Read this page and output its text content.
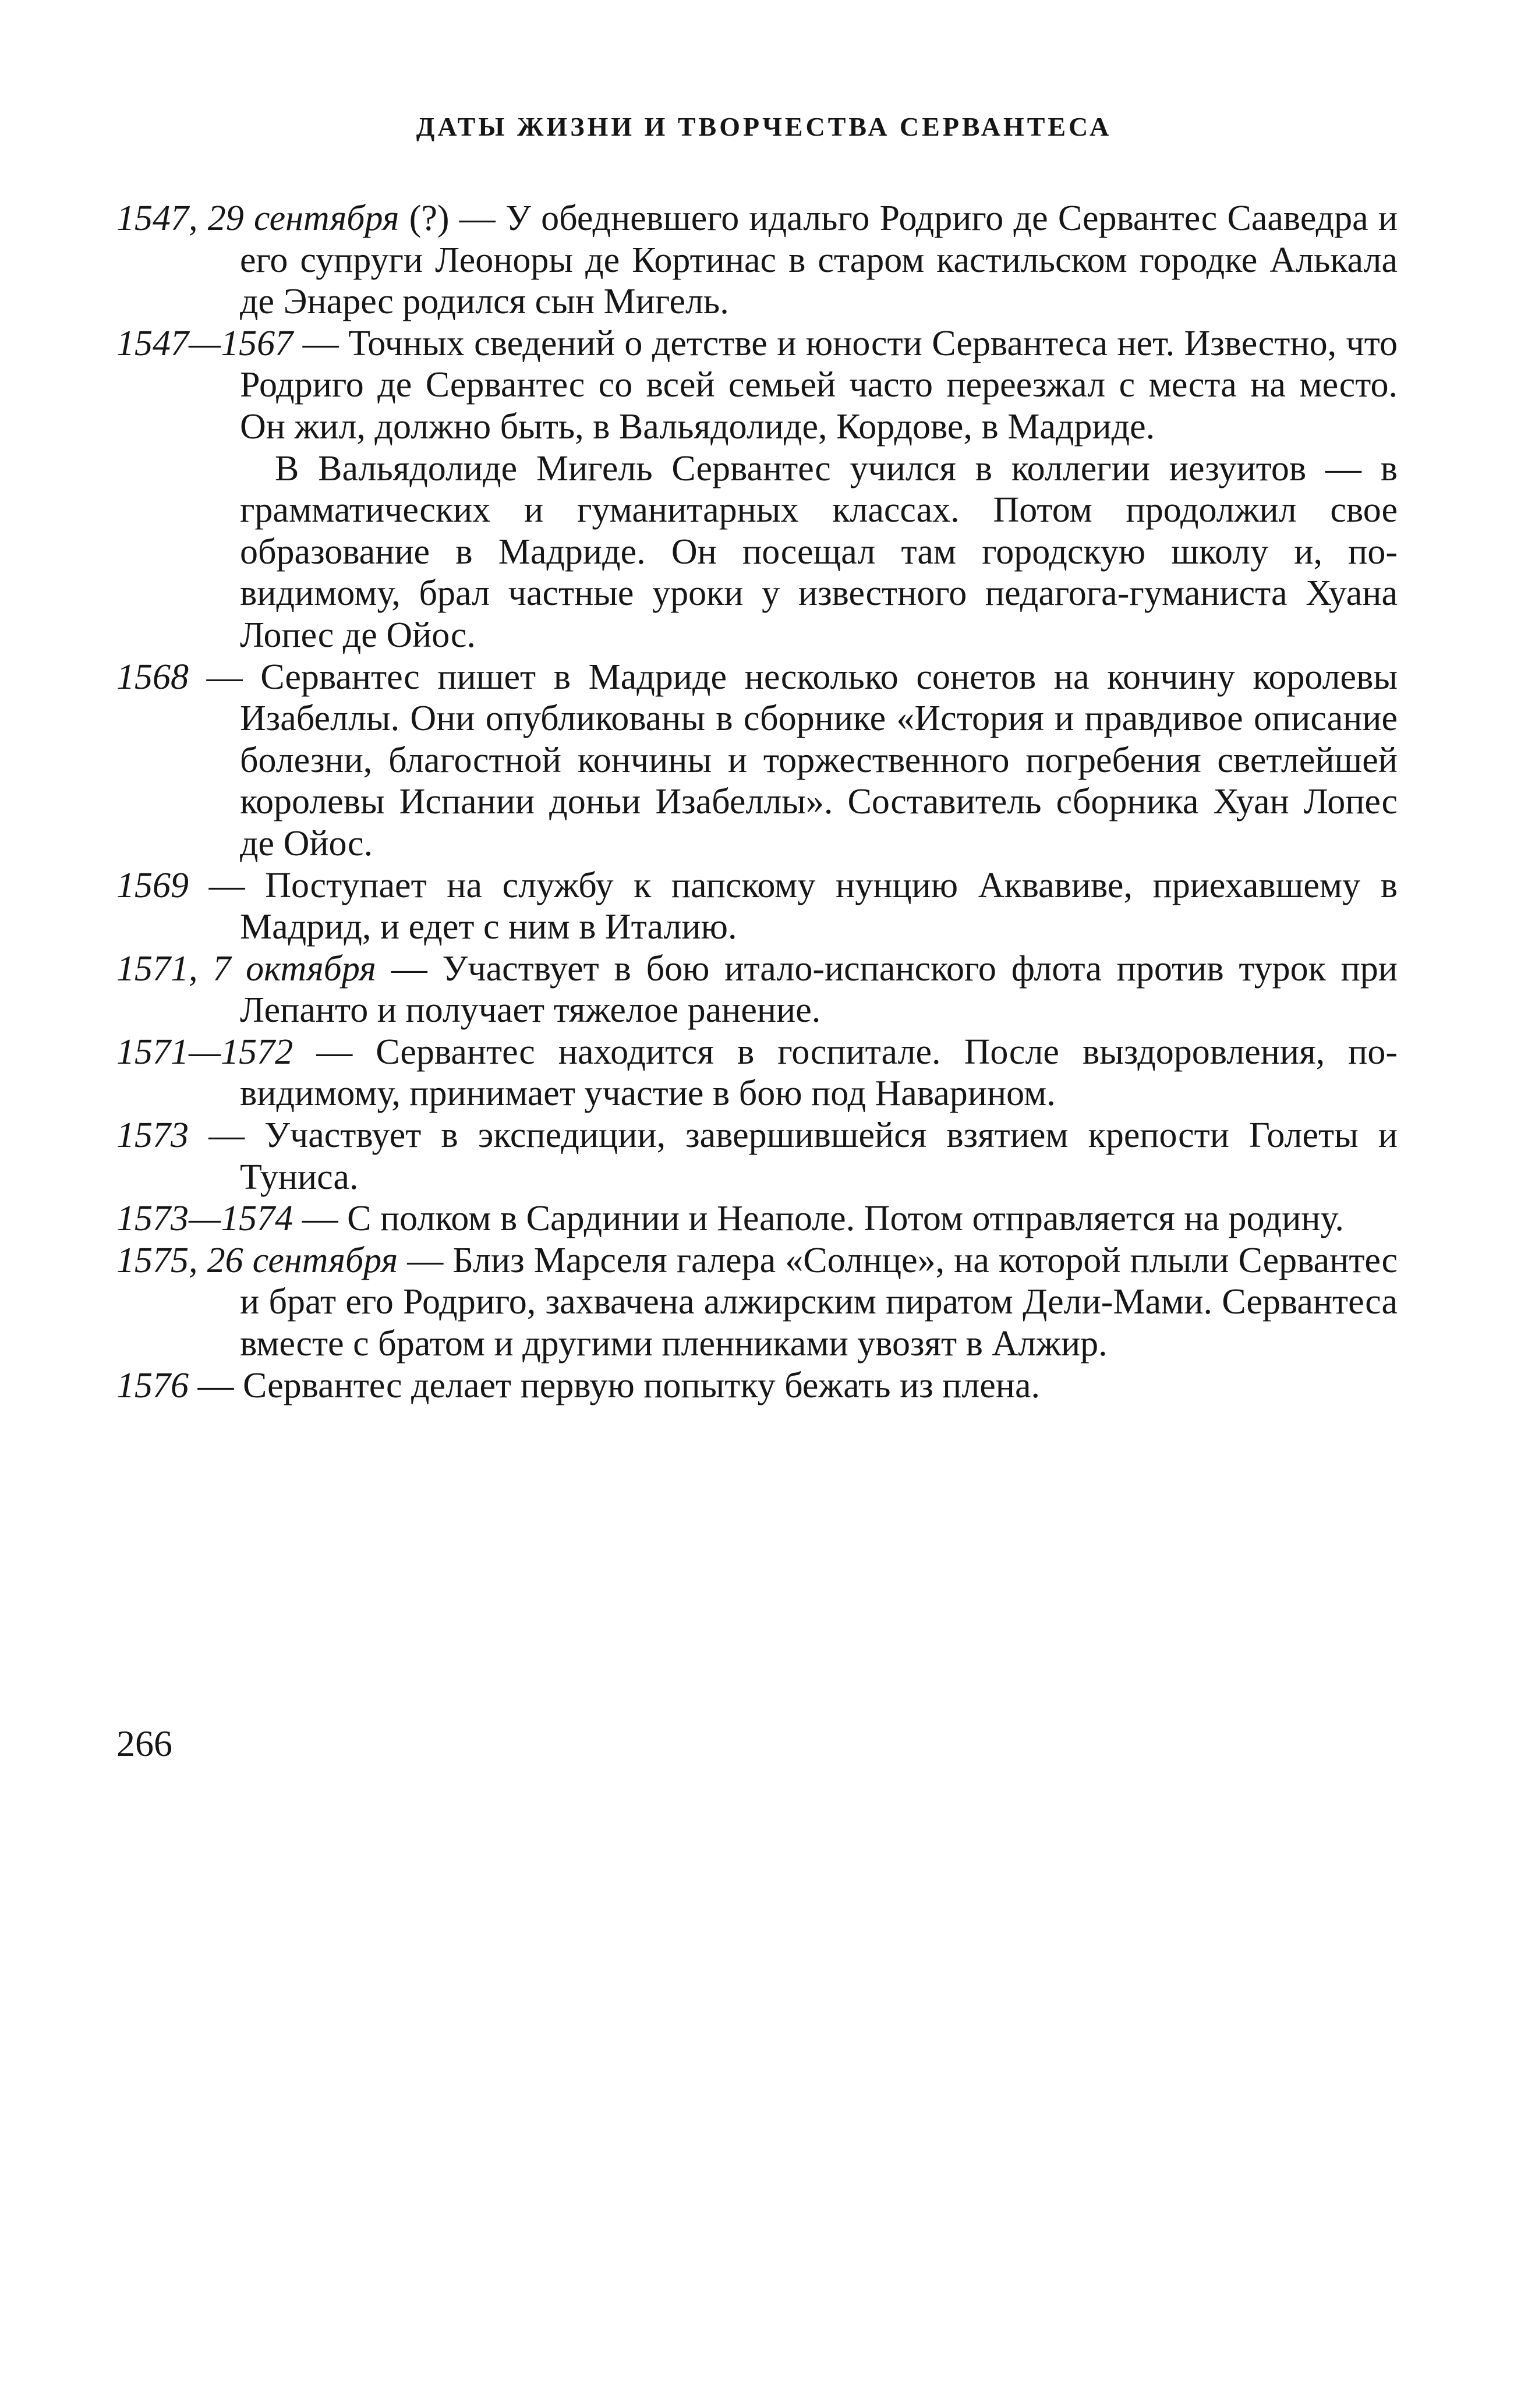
ДАТЫ ЖИЗНИ И ТВОРЧЕСТВА СЕРВАНТЕСА

1547, 29 сентября (?) — У обедневшего идальго Родриго де Сервантес Сааведра и его супруги Леоноры де Кортинас в старом кастильском городке Алькала де Энарес родился сын Мигель.

1547—1567 — Точных сведений о детстве и юности Сервантеса нет. Известно, что Родриго де Сервантес со всей семьей часто переезжал с места на место. Он жил, должно быть, в Вальядолиде, Кордове, в Мадриде.

В Вальядолиде Мигель Сервантес учился в коллегии иезуитов — в грамматических и гуманитарных классах. Потом продолжил свое образование в Мадриде. Он посещал там городскую школу и, по-видимому, брал частные уроки у известного педагога-гуманиста Хуана Лопес де Ойос.

1568 — Сервантес пишет в Мадриде несколько сонетов на кончину королевы Изабеллы. Они опубликованы в сборнике «История и правдивое описание болезни, благостной кончины и торжественного погребения светлейшей королевы Испании доньи Изабеллы». Составитель сборника Хуан Лопес де Ойос.

1569 — Поступает на службу к папскому нунцию Аквавиве, приехавшему в Мадрид, и едет с ним в Италию.

1571, 7 октября — Участвует в бою итало-испанского флота против турок при Лепанто и получает тяжелое ранение.

1571—1572 — Сервантес находится в госпитале. После выздоровления, по-видимому, принимает участие в бою под Наварином.

1573 — Участвует в экспедиции, завершившейся взятием крепости Голеты и Туниса.

1573—1574 — С полком в Сардинии и Неаполе. Потом отправляется на родину.

1575, 26 сентября — Близ Марселя галера «Солнце», на которой плыли Сервантес и брат его Родриго, захвачена алжирским пиратом Дели-Мами. Сервантеса вместе с братом и другими пленниками увозят в Алжир.

1576 — Сервантес делает первую попытку бежать из плена.

266
